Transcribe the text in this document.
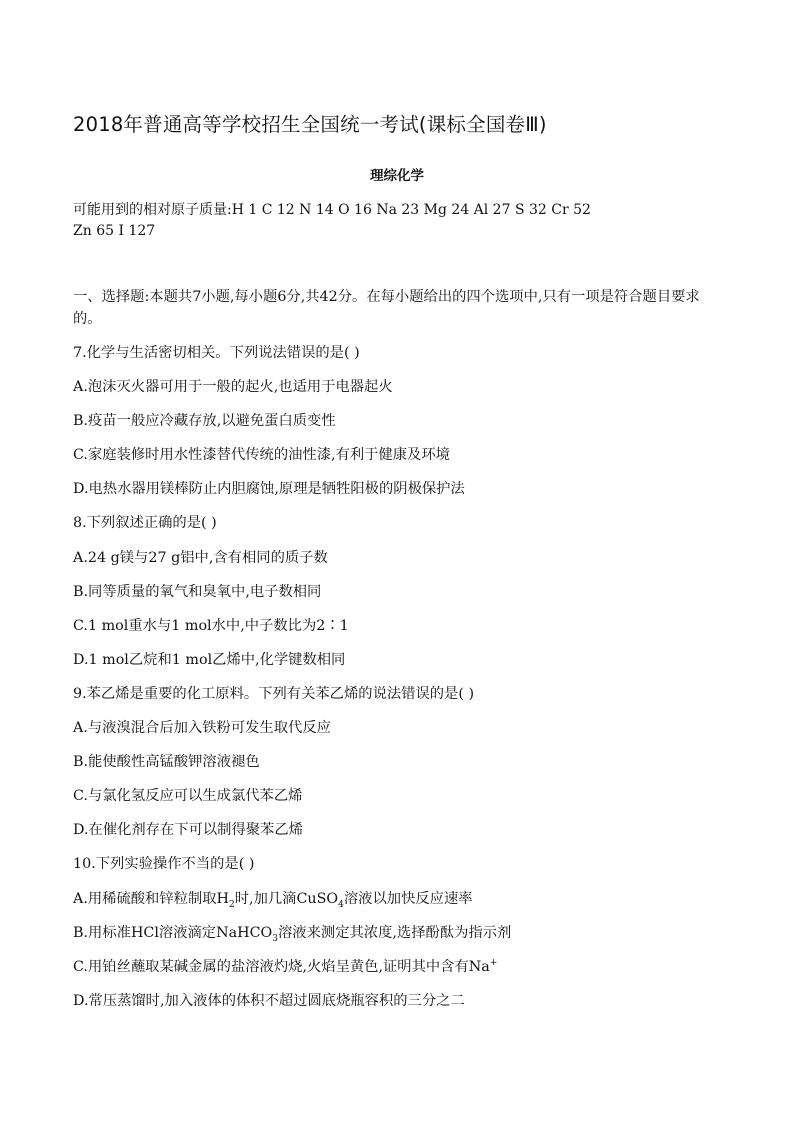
2018年普通高等学校招生全国统一考试(课标全国卷Ⅲ)
理综化学
可能用到的相对原子质量:H 1 C 12 N 14 O 16 Na 23 Mg 24 Al 27 S 32 Cr 52
Zn 65 I 127
一、选择题:本题共7小题,每小题6分,共42分。在每小题给出的四个选项中,只有一项是符合题目要求的。
7.化学与生活密切相关。下列说法错误的是( )
A.泡沫灭火器可用于一般的起火,也适用于电器起火
B.疫苗一般应冷藏存放,以避免蛋白质变性
C.家庭装修时用水性漆替代传统的油性漆,有利于健康及环境
D.电热水器用镁棒防止内胆腐蚀,原理是牺牲阳极的阴极保护法
8.下列叙述正确的是( )
A.24 g镁与27 g铝中,含有相同的质子数
B.同等质量的氧气和臭氧中,电子数相同
C.1 mol重水与1 mol水中,中子数比为2∶1
D.1 mol乙烷和1 mol乙烯中,化学键数相同
9.苯乙烯是重要的化工原料。下列有关苯乙烯的说法错误的是( )
A.与液溴混合后加入铁粉可发生取代反应
B.能使酸性高锰酸钾溶液褪色
C.与氯化氢反应可以生成氯代苯乙烯
D.在催化剂存在下可以制得聚苯乙烯
10.下列实验操作不当的是( )
A.用稀硫酸和锌粒制取$H_2$时,加几滴CuSO$_4$溶液以加快反应速率
B.用标准HCl溶液滴定NaHCO$_3$溶液来测定其浓度,选择酚酞为指示剂
C.用铂丝蘸取某碱金属的盐溶液灼烧,火焰呈黄色,证明其中含有Na+
D.常压蒸馏时,加入液体的体积不超过圆底烧瓶容积的三分之二
